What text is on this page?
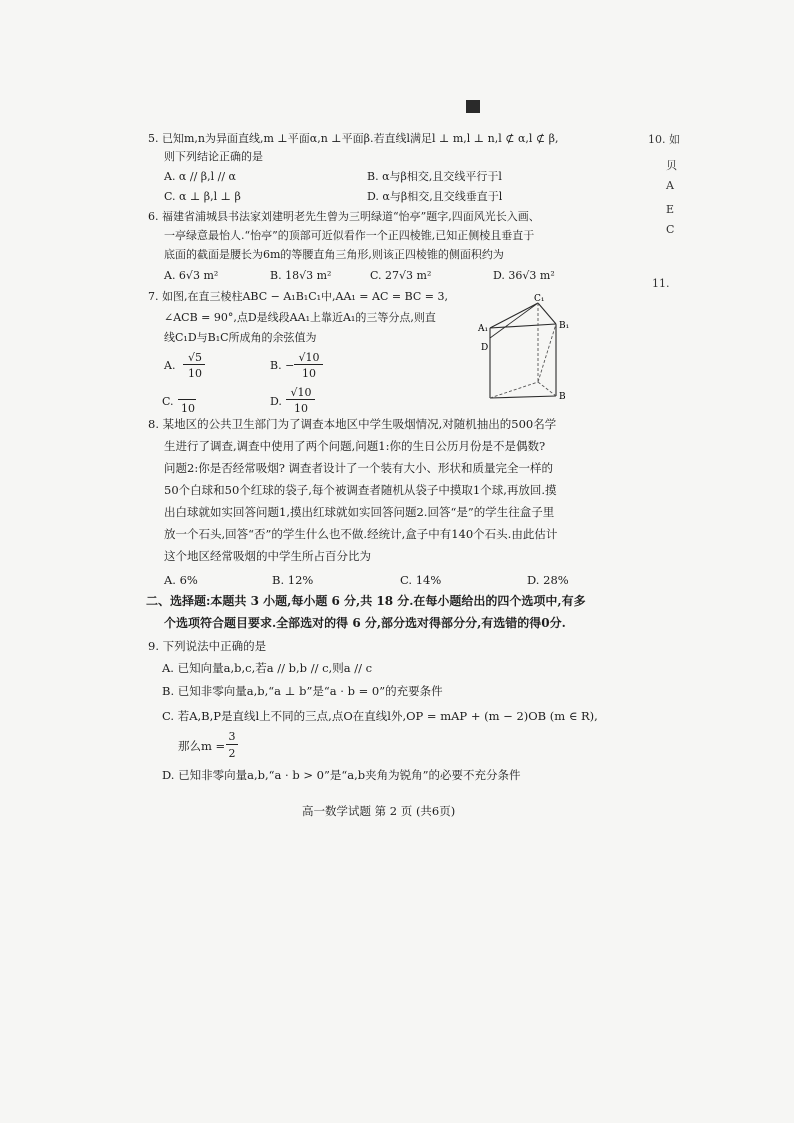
5. 已知m,n为异面直线,m ⊥平面α,n ⊥平面β.若直线l满足l ⊥ m,l ⊥ n,l ⊄ α,l ⊄ β,
则下列结论正确的是
A. α // β,l // α	B. α与β相交,且交线平行于l
C. α ⊥ β,l ⊥ β	D. α与β相交,且交线垂直于l
6. 福建省浦城县书法家刘建明老先生曾为三明绿道“怡亭”题字,四面风光长入画、
一亭绿意最怡人.“怡亭”的顶部可近似看作一个正四棱锥,已知正侧棱且垂直于
底面的截面是腰长为6m的等腰直角三角形,则该正四棱锥的侧面积约为
A. 6√3 m²	B. 18√3 m²	C. 27√3 m²	D. 36√3 m²
7. 如图,在直三棱柱ABC − A₁B₁C₁中,AA₁ = AC = BC = 3,
∠ACB = 90°,点D是线段AA₁上靠近A₁的三等分点,则直
线C₁D与B₁C所成角的余弦值为
A.
√5
10
B. −
√10
10
C.
10
D.
√10
10
C₁
A₁	B₁
D
B
8. 某地区的公共卫生部门为了调查本地区中学生吸烟情况,对随机抽出的500名学
生进行了调查,调查中使用了两个问题,问题1:你的生日公历月份是不是偶数?
问题2:你是否经常吸烟? 调查者设计了一个装有大小、形状和质量完全一样的
50个白球和50个红球的袋子,每个被调查者随机从袋子中摸取1个球,再放回.摸
出白球就如实回答问题1,摸出红球就如实回答问题2.回答“是”的学生往盒子里
放一个石头,回答“否”的学生什么也不做.经统计,盒子中有140个石头.由此估计
这个地区经常吸烟的中学生所占百分比为
A. 6%	B. 12%	C. 14%	D. 28%
二、选择题:本题共 3 小题,每小题 6 分,共 18 分.在每小题给出的四个选项中,有多
个选项符合题目要求.全部选对的得 6 分,部分选对得部分分,有选错的得0分.
9. 下列说法中正确的是
A. 已知向量a,b,c,若a // b,b // c,则a // c
B. 已知非零向量a,b,“a ⊥ b”是“a · b = 0”的充要条件
C. 若A,B,P是直线l上不同的三点,点O在直线l外,OP = mAP + (m − 2)OB (m ∈ R),
那么m =
3
2
D. 已知非零向量a,b,“a · b > 0”是“a,b夹角为锐角”的必要不充分条件
高一数学试题 第 2 页 (共6页)
10. 如
贝
A
E
C
11.
